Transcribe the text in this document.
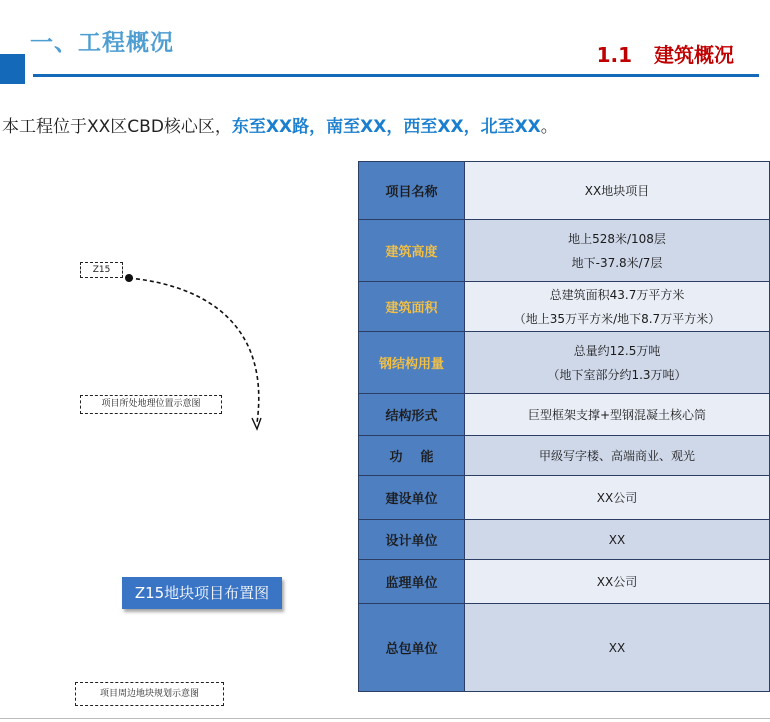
一、工程概况	1.1 建筑概况
本工程位于XX区CBD核心区，东至XX路，南至XX，西至XX，北至XX。
Z15
项目所处地理位置示意图
Z15地块项目布置图
项目周边地块规划示意图
项目名称	XX地块项目

建筑高度	地上528米/108层
地下-37.8米/7层

建筑面积	总建筑面积43.7万平方米
（地上35万平方米/地下8.7万平方米）

钢结构用量	总量约12.5万吨
（地下室部分约1.3万吨）

结构形式	巨型框架支撑+型钢混凝土核心筒

功    能	甲级写字楼、高端商业、观光

建设单位	XX公司

设计单位	XX

监理单位	XX公司

总包单位	XX
